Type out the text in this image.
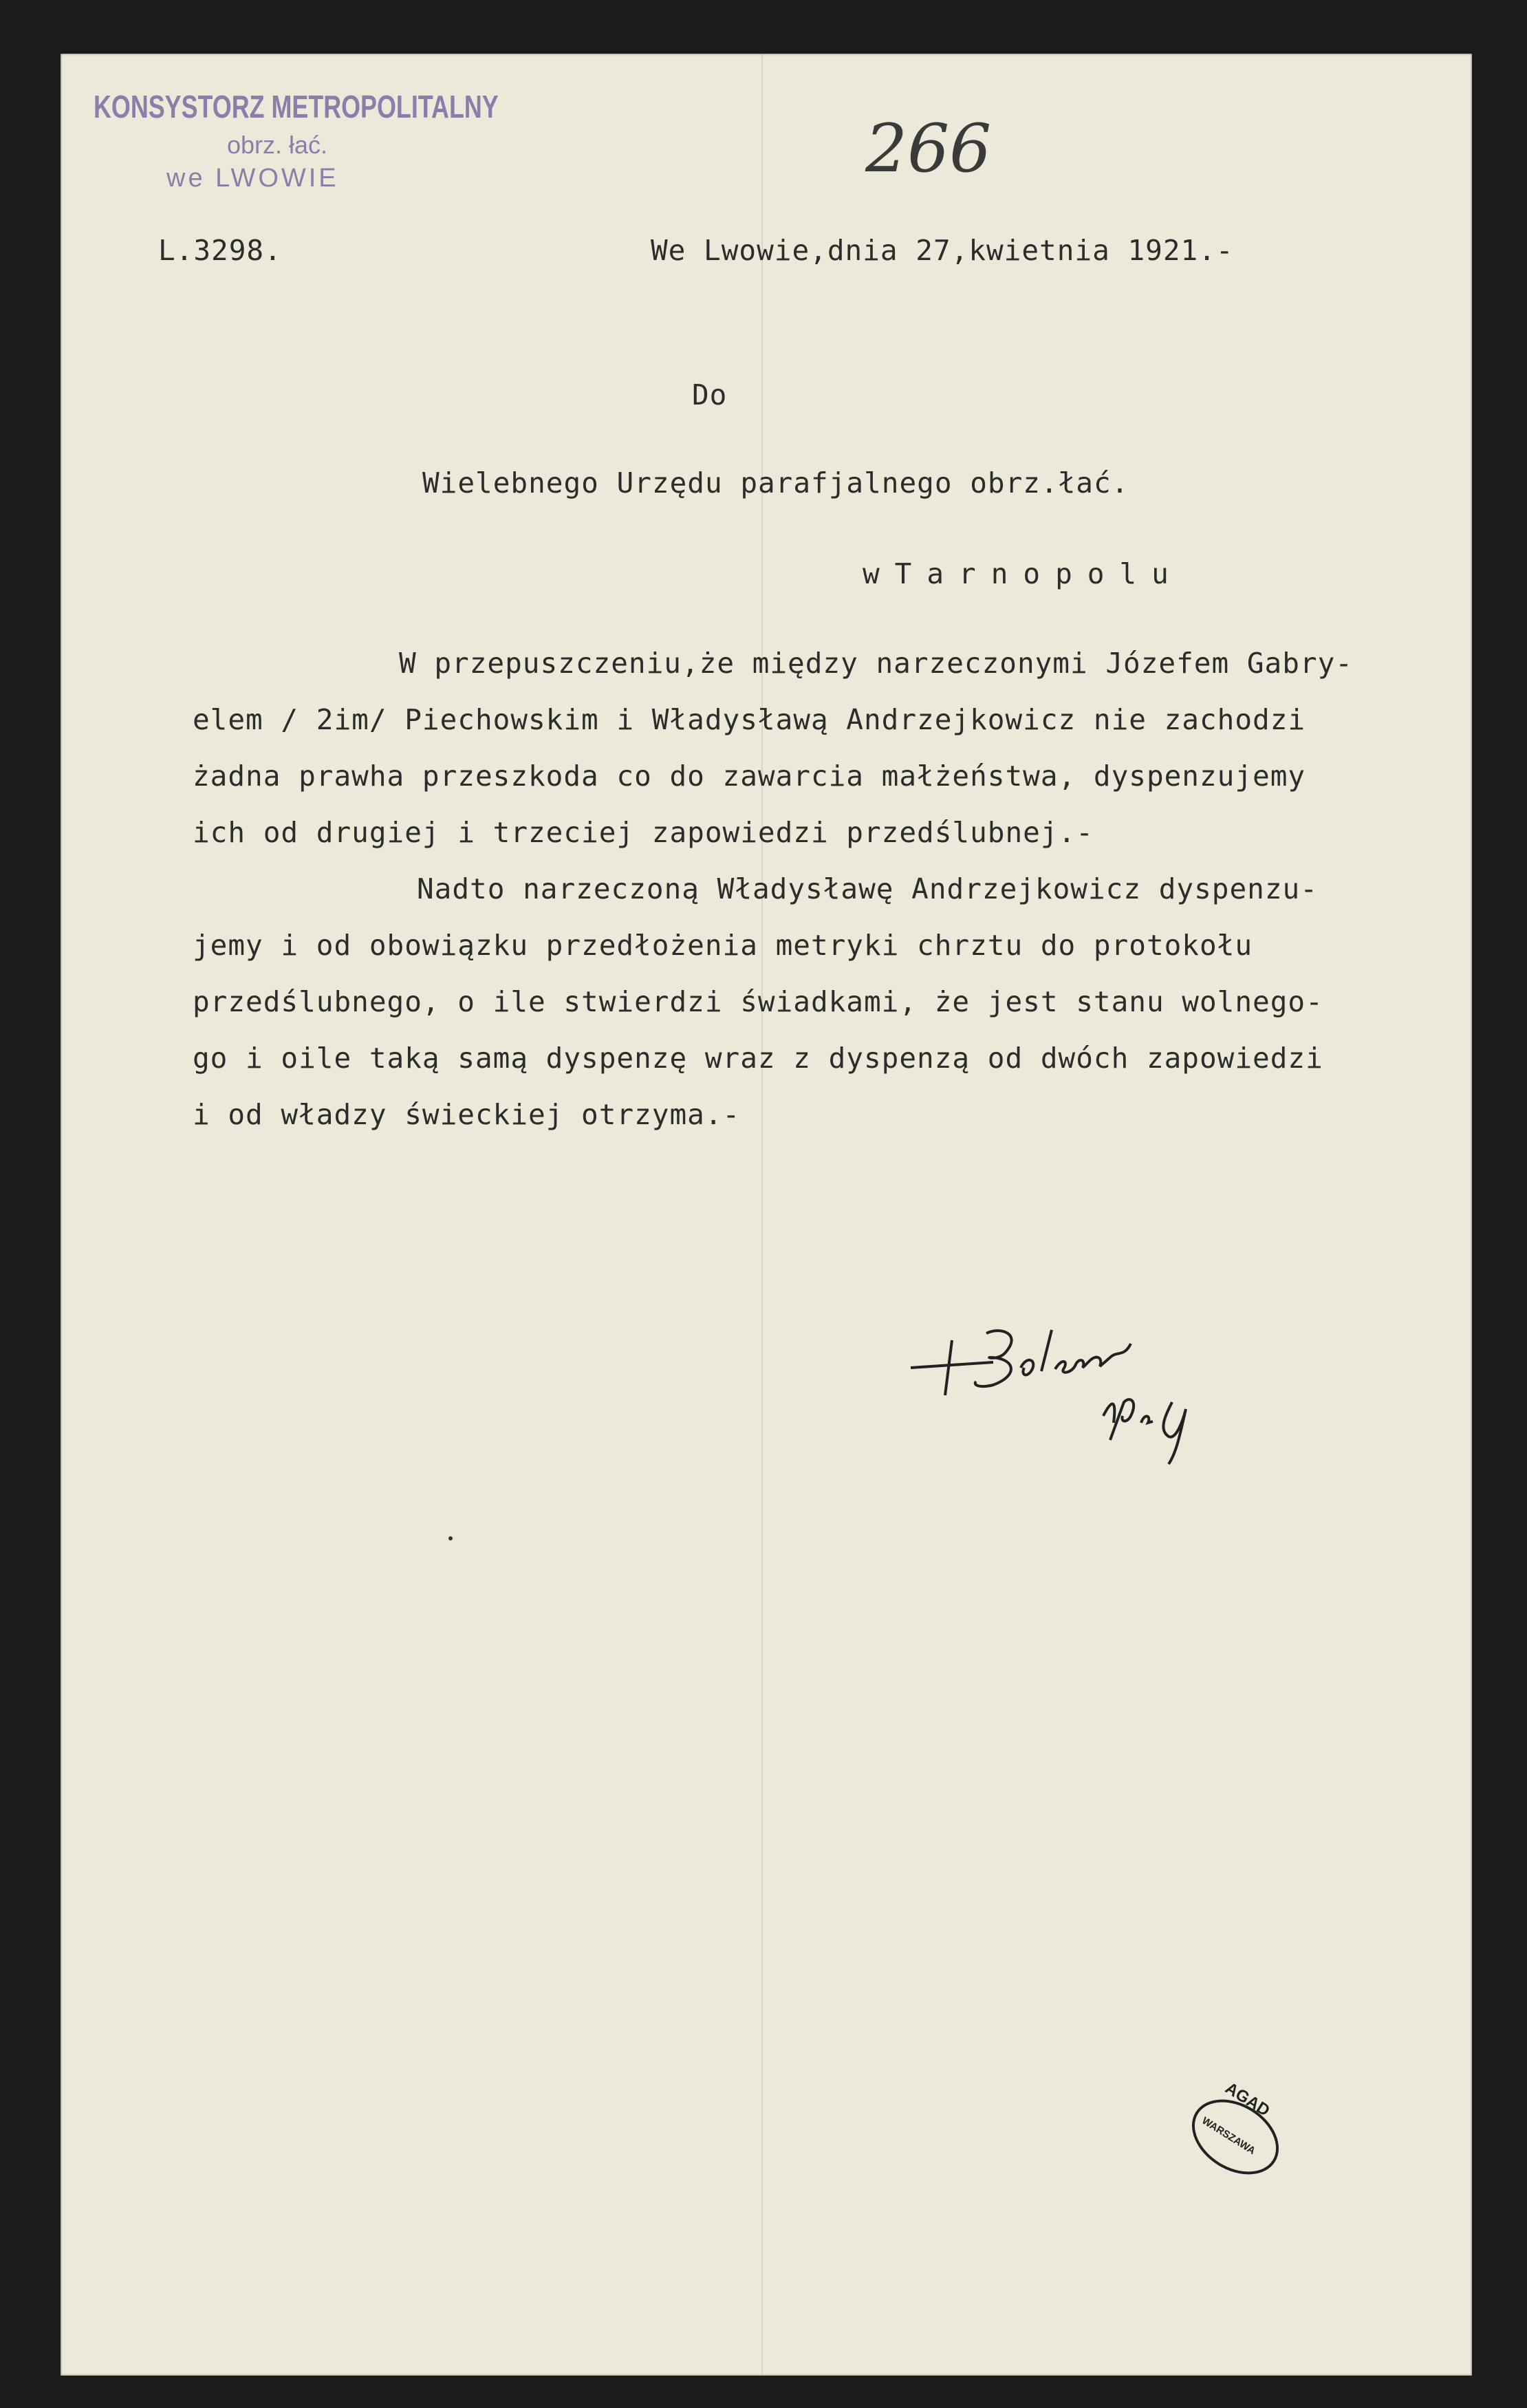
KONSYSTORZ METROPOLITALNY
obrz. łać.
we LWOWIE	266
L.3298.	We Lwowie,dnia 27,kwietnia 1921.-
Do
Wielebnego Urzędu parafjalnego obrz.łać.
wTarnopolu
W przepuszczeniu,że między narzeczonymi Józefem Gabry-
elem / 2im/ Piechowskim i Władysławą Andrzejkowicz nie zachodzi
żadna prawha przeszkoda co do zawarcia małżeństwa, dyspenzujemy
ich od drugiej i trzeciej zapowiedzi przedślubnej.-
Nadto narzeczoną Władysławę Andrzejkowicz dyspenzu-
jemy i od obowiązku przedłożenia metryki chrztu do protokołu
przedślubnego, o ile stwierdzi świadkami, że jest stanu wolnego-
go i oile taką samą dyspenzę wraz z dyspenzą od dwóch zapowiedzi
i od władzy świeckiej otrzyma.-
AGAD
WARSZAWA
